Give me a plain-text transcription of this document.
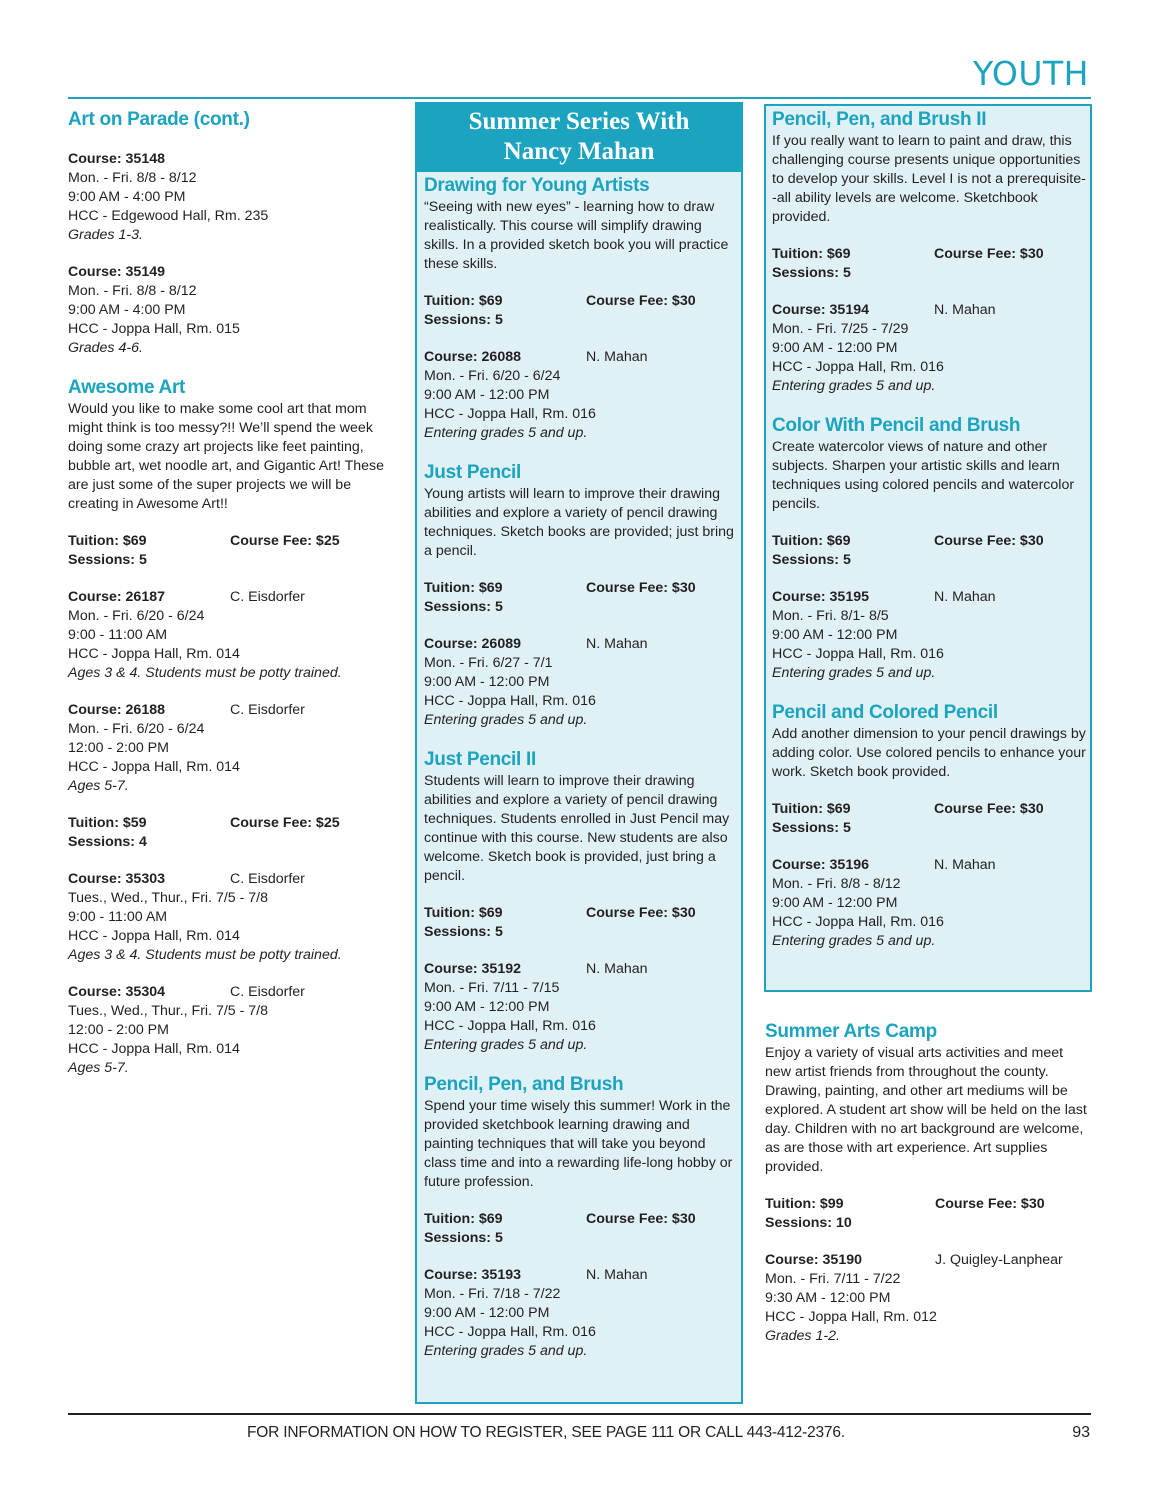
YOUTH
Art on Parade (cont.)
Course: 35148
Mon. - Fri. 8/8 - 8/12
9:00 AM - 4:00 PM
HCC - Edgewood Hall, Rm. 235
Grades 1-3.
Course: 35149
Mon. - Fri. 8/8 - 8/12
9:00 AM - 4:00 PM
HCC - Joppa Hall, Rm. 015
Grades 4-6.
Awesome Art
Would you like to make some cool art that mom might think is too messy?!! We’ll spend the week doing some crazy art projects like feet painting, bubble art, wet noodle art, and Gigantic Art! These are just some of the super projects we will be creating in Awesome Art!!
Tuition: $69	Course Fee: $25
Sessions: 5
Course: 26187	C. Eisdorfer
Mon. - Fri. 6/20 - 6/24
9:00 - 11:00 AM
HCC - Joppa Hall, Rm. 014
Ages 3 & 4. Students must be potty trained.
Course: 26188	C. Eisdorfer
Mon. - Fri. 6/20 - 6/24
12:00 - 2:00 PM
HCC - Joppa Hall, Rm. 014
Ages 5-7.
Tuition: $59	Course Fee: $25
Sessions: 4
Course: 35303	C. Eisdorfer
Tues., Wed., Thur., Fri. 7/5 - 7/8
9:00 - 11:00 AM
HCC - Joppa Hall, Rm. 014
Ages 3 & 4. Students must be potty trained.
Course: 35304	C. Eisdorfer
Tues., Wed., Thur., Fri. 7/5 - 7/8
12:00 - 2:00 PM
HCC - Joppa Hall, Rm. 014
Ages 5-7.
Summer Series With
Nancy Mahan
Drawing for Young Artists
“Seeing with new eyes” - learning how to draw realistically. This course will simplify drawing skills. In a provided sketch book you will practice these skills.
Tuition: $69	Course Fee: $30
Sessions: 5
Course: 26088	N. Mahan
Mon. - Fri. 6/20 - 6/24
9:00 AM - 12:00 PM
HCC - Joppa Hall, Rm. 016
Entering grades 5 and up.
Just Pencil
Young artists will learn to improve their drawing abilities and explore a variety of pencil drawing techniques. Sketch books are provided; just bring a pencil.
Tuition: $69	Course Fee: $30
Sessions: 5
Course: 26089	N. Mahan
Mon. - Fri. 6/27 - 7/1
9:00 AM - 12:00 PM
HCC - Joppa Hall, Rm. 016
Entering grades 5 and up.
Just Pencil II
Students will learn to improve their drawing abilities and explore a variety of pencil drawing techniques. Students enrolled in Just Pencil may continue with this course. New students are also welcome. Sketch book is provided, just bring a pencil.
Tuition: $69	Course Fee: $30
Sessions: 5
Course: 35192	N. Mahan
Mon. - Fri. 7/11 - 7/15
9:00 AM - 12:00 PM
HCC - Joppa Hall, Rm. 016
Entering grades 5 and up.
Pencil, Pen, and Brush
Spend your time wisely this summer! Work in the provided sketchbook learning drawing and painting techniques that will take you beyond class time and into a rewarding life-long hobby or future profession.
Tuition: $69	Course Fee: $30
Sessions: 5
Course: 35193	N. Mahan
Mon. - Fri. 7/18 - 7/22
9:00 AM - 12:00 PM
HCC - Joppa Hall, Rm. 016
Entering grades 5 and up.
Pencil, Pen, and Brush II
If you really want to learn to paint and draw, this challenging course presents unique opportunities to develop your skills. Level I is not a prerequisite--all ability levels are welcome. Sketchbook provided.
Tuition: $69	Course Fee: $30
Sessions: 5
Course: 35194	N. Mahan
Mon. - Fri. 7/25 - 7/29
9:00 AM - 12:00 PM
HCC - Joppa Hall, Rm. 016
Entering grades 5 and up.
Color With Pencil and Brush
Create watercolor views of nature and other subjects. Sharpen your artistic skills and learn techniques using colored pencils and watercolor pencils.
Tuition: $69	Course Fee: $30
Sessions: 5
Course: 35195	N. Mahan
Mon. - Fri. 8/1- 8/5
9:00 AM - 12:00 PM
HCC - Joppa Hall, Rm. 016
Entering grades 5 and up.
Pencil and Colored Pencil
Add another dimension to your pencil drawings by adding color. Use colored pencils to enhance your work. Sketch book provided.
Tuition: $69	Course Fee: $30
Sessions: 5
Course: 35196	N. Mahan
Mon. - Fri. 8/8 - 8/12
9:00 AM - 12:00 PM
HCC - Joppa Hall, Rm. 016
Entering grades 5 and up.
Summer Arts Camp
Enjoy a variety of visual arts activities and meet new artist friends from throughout the county. Drawing, painting, and other art mediums will be explored. A student art show will be held on the last day. Children with no art background are welcome, as are those with art experience. Art supplies provided.
Tuition: $99	Course Fee: $30
Sessions: 10
Course: 35190	J. Quigley-Lanphear
Mon. - Fri. 7/11 - 7/22
9:30 AM - 12:00 PM
HCC - Joppa Hall, Rm. 012
Grades 1-2.
FOR INFORMATION ON HOW TO REGISTER, SEE PAGE 111 OR CALL 443-412-2376.	93
